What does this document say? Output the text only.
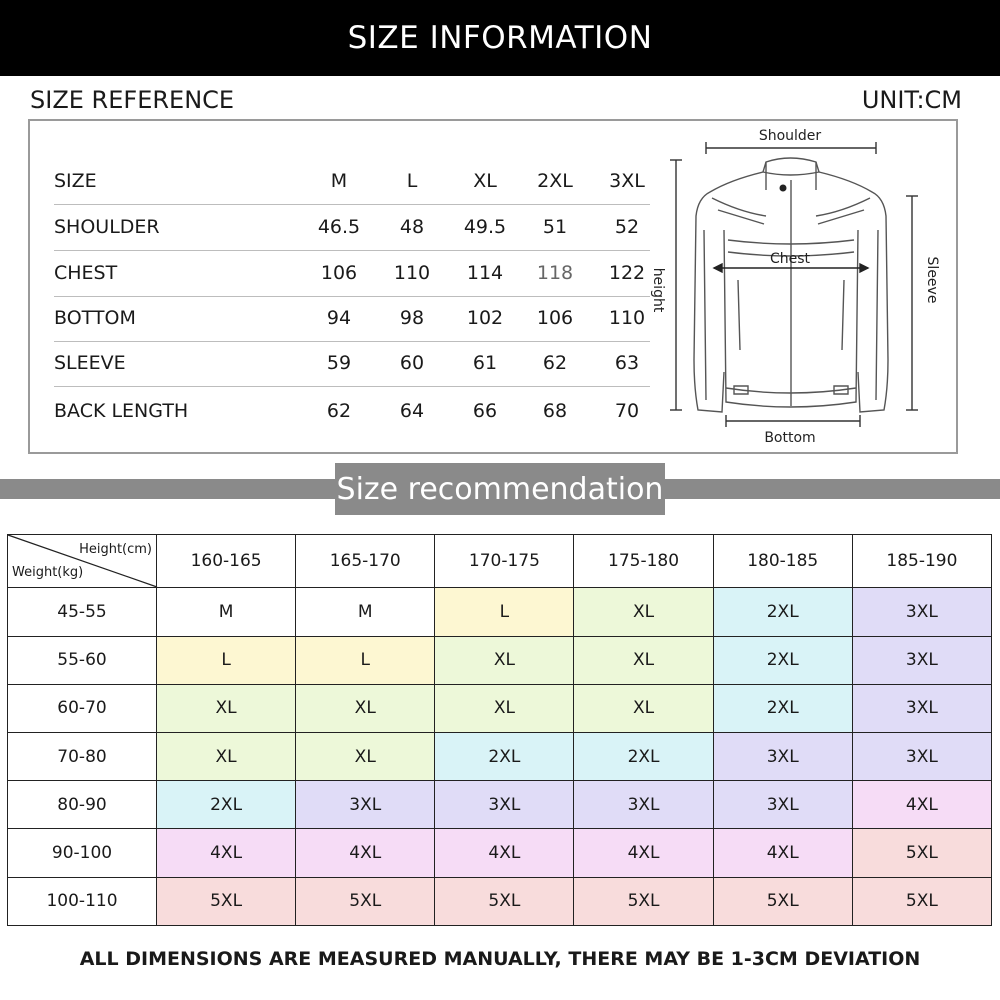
SIZE INFORMATION
SIZE REFERENCE	UNIT:CM
SIZE	M	L	XL	2XL	3XL
SHOULDER	46.5	48	49.5	51	52
CHEST	106	110	114	118	122
BOTTOM	94	98	102	106	110
SLEEVE	59	60	61	62	63
BACK LENGTH	62	64	66	68	70
Shoulder
Chest
Bottom
height	Sleeve
Size recommendation
Height(cm)
Weight(kg)	160-165	165-170	170-175	175-180	180-185	185-190
45-55	M	M	L	XL	2XL	3XL
55-60	L	L	XL	XL	2XL	3XL
60-70	XL	XL	XL	XL	2XL	3XL
70-80	XL	XL	2XL	2XL	3XL	3XL
80-90	2XL	3XL	3XL	3XL	3XL	4XL
90-100	4XL	4XL	4XL	4XL	4XL	5XL
100-110	5XL	5XL	5XL	5XL	5XL	5XL
ALL DIMENSIONS ARE MEASURED MANUALLY, THERE MAY BE 1-3CM DEVIATION
